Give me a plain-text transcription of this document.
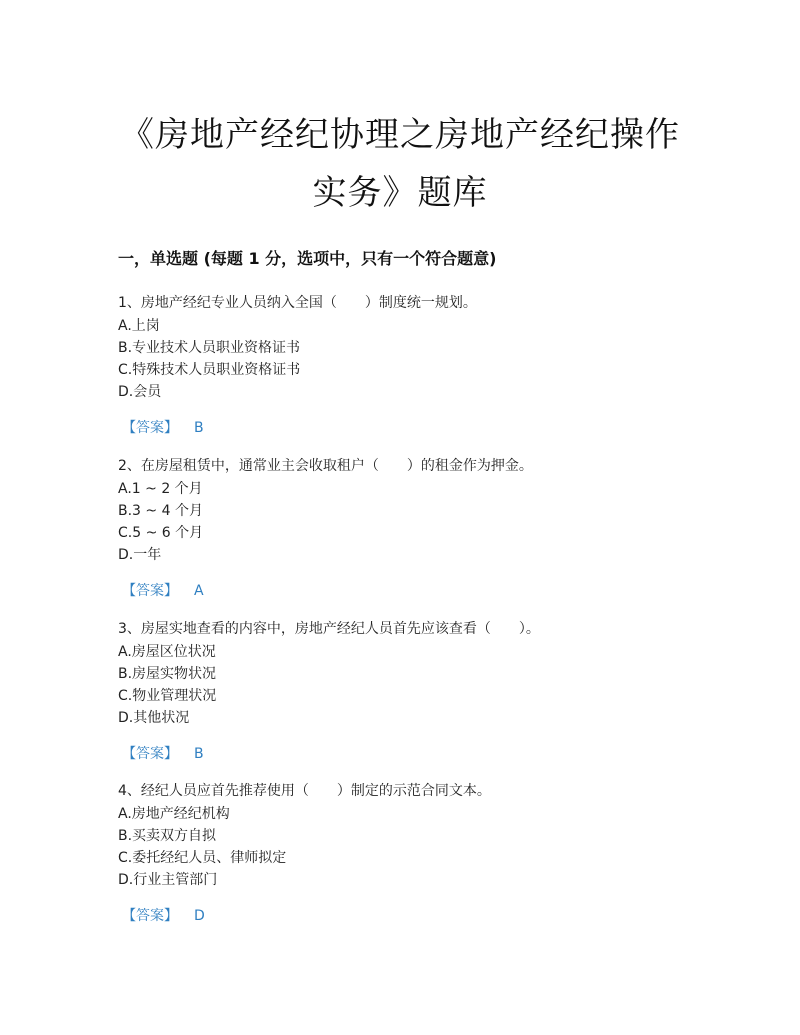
《房地产经纪协理之房地产经纪操作
实务》题库
一，单选题 (每题 1 分，选项中，只有一个符合题意)
1、房地产经纪专业人员纳入全国（　　）制度统一规划。
A.上岗
B.专业技术人员职业资格证书
C.特殊技术人员职业资格证书
D.会员
【答案】 B
2、在房屋租赁中，通常业主会收取租户（　　）的租金作为押金。
A.1 ~ 2 个月
B.3 ~ 4 个月
C.5 ~ 6 个月
D.一年
【答案】 A
3、房屋实地查看的内容中，房地产经纪人员首先应该查看（　　）。
A.房屋区位状况
B.房屋实物状况
C.物业管理状况
D.其他状况
【答案】 B
4、经纪人员应首先推荐使用（　　）制定的示范合同文本。
A.房地产经纪机构
B.买卖双方自拟
C.委托经纪人员、律师拟定
D.行业主管部门
【答案】 D
